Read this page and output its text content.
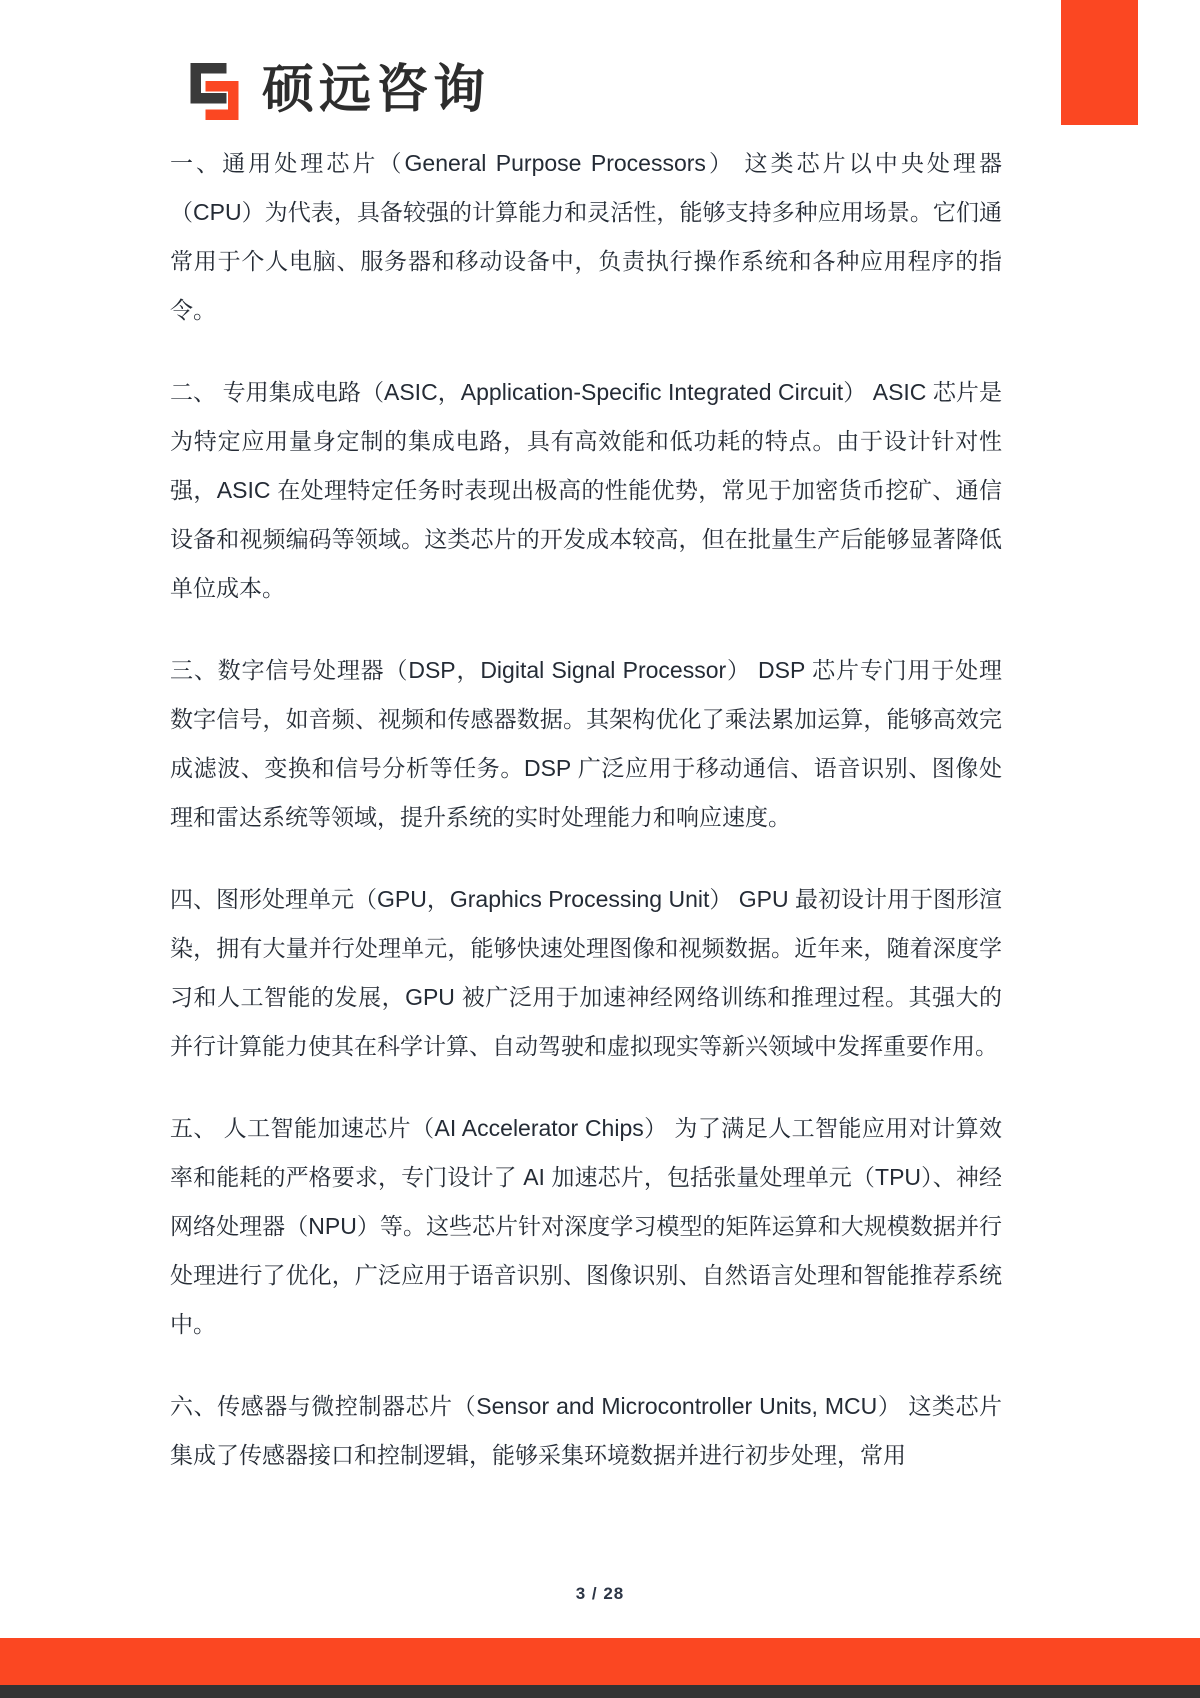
硕远咨询

一、通用处理芯片（General Purpose Processors） 这类芯片以中央处理器（CPU）为代表，具备较强的计算能力和灵活性，能够支持多种应用场景。它们通常用于个人电脑、服务器和移动设备中，负责执行操作系统和各种应用程序的指令。

二、 专用集成电路（ASIC，Application-Specific Integrated Circuit） ASIC 芯片是为特定应用量身定制的集成电路，具有高效能和低功耗的特点。由于设计针对性强，ASIC 在处理特定任务时表现出极高的性能优势，常见于加密货币挖矿、通信设备和视频编码等领域。这类芯片的开发成本较高，但在批量生产后能够显著降低单位成本。

三、数字信号处理器（DSP，Digital Signal Processor） DSP 芯片专门用于处理数字信号，如音频、视频和传感器数据。其架构优化了乘法累加运算，能够高效完成滤波、变换和信号分析等任务。DSP 广泛应用于移动通信、语音识别、图像处理和雷达系统等领域，提升系统的实时处理能力和响应速度。

四、图形处理单元（GPU，Graphics Processing Unit） GPU 最初设计用于图形渲染，拥有大量并行处理单元，能够快速处理图像和视频数据。近年来，随着深度学习和人工智能的发展，GPU 被广泛用于加速神经网络训练和推理过程。其强大的并行计算能力使其在科学计算、自动驾驶和虚拟现实等新兴领域中发挥重要作用。

五、 人工智能加速芯片（AI Accelerator Chips） 为了满足人工智能应用对计算效率和能耗的严格要求，专门设计了 AI 加速芯片，包括张量处理单元（TPU）、神经网络处理器（NPU）等。这些芯片针对深度学习模型的矩阵运算和大规模数据并行处理进行了优化，广泛应用于语音识别、图像识别、自然语言处理和智能推荐系统中。

六、传感器与微控制器芯片（Sensor and Microcontroller Units, MCU） 这类芯片集成了传感器接口和控制逻辑，能够采集环境数据并进行初步处理，常用

3 / 28
